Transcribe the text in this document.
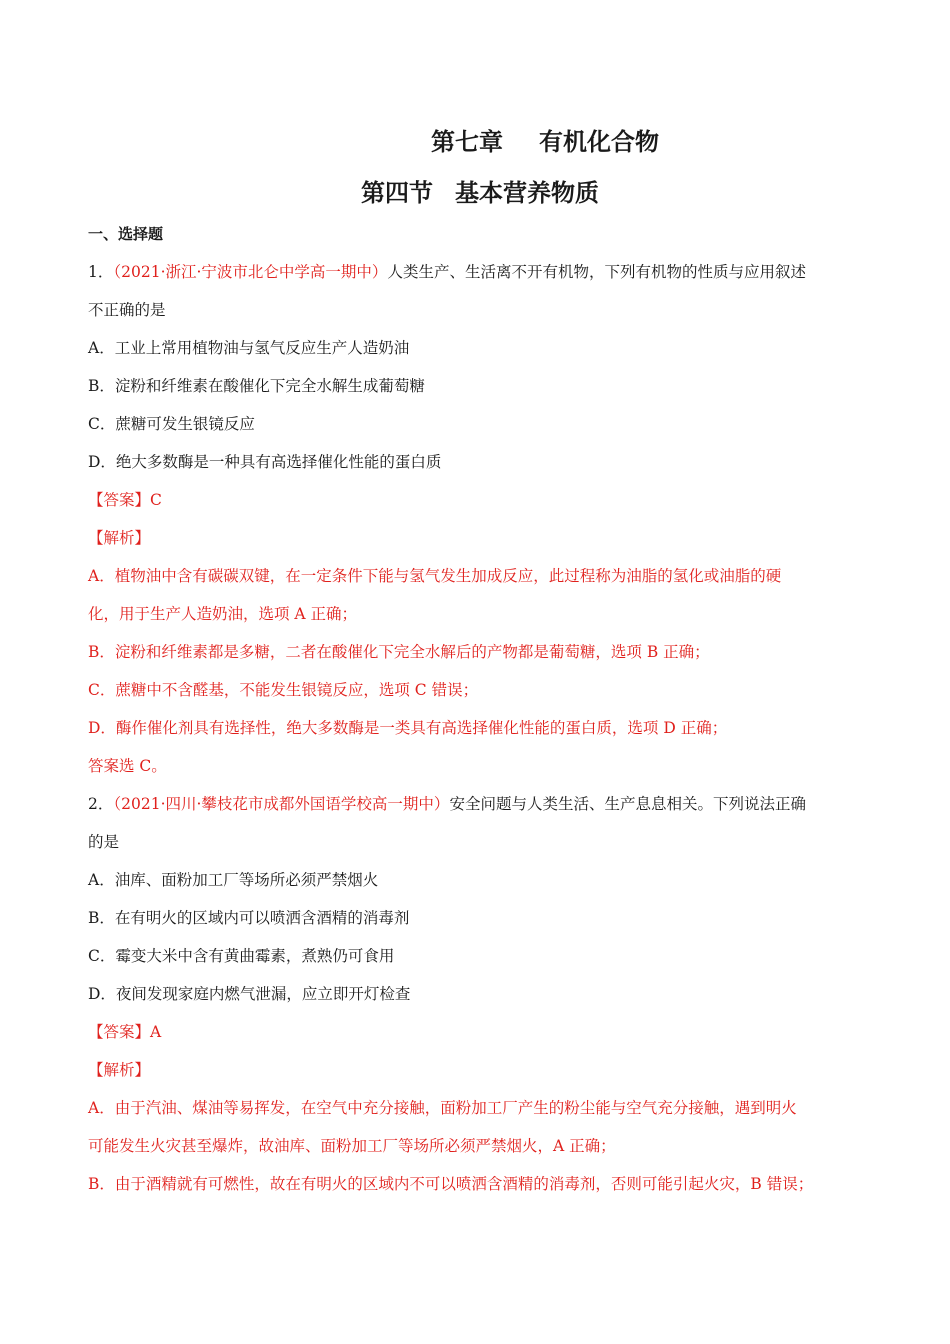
第七章 有机化合物
第四节 基本营养物质
一、选择题
1．（2021·浙江·宁波市北仑中学高一期中）人类生产、生活离不开有机物，下列有机物的性质与应用叙述
不正确的是
A．工业上常用植物油与氢气反应生产人造奶油
B．淀粉和纤维素在酸催化下完全水解生成葡萄糖
C．蔗糖可发生银镜反应
D．绝大多数酶是一种具有高选择催化性能的蛋白质
【答案】C
【解析】
A．植物油中含有碳碳双键，在一定条件下能与氢气发生加成反应，此过程称为油脂的氢化或油脂的硬
化，用于生产人造奶油，选项 A 正确；
B．淀粉和纤维素都是多糖，二者在酸催化下完全水解后的产物都是葡萄糖，选项 B 正确；
C．蔗糖中不含醛基，不能发生银镜反应，选项 C 错误；
D．酶作催化剂具有选择性，绝大多数酶是一类具有高选择催化性能的蛋白质，选项 D 正确；
答案选 C。
2．（2021·四川·攀枝花市成都外国语学校高一期中）安全问题与人类生活、生产息息相关。下列说法正确
的是
A．油库、面粉加工厂等场所必须严禁烟火
B．在有明火的区域内可以喷洒含酒精的消毒剂
C．霉变大米中含有黄曲霉素，煮熟仍可食用
D．夜间发现家庭内燃气泄漏，应立即开灯检查
【答案】A
【解析】
A．由于汽油、煤油等易挥发，在空气中充分接触，面粉加工厂产生的粉尘能与空气充分接触，遇到明火
可能发生火灾甚至爆炸，故油库、面粉加工厂等场所必须严禁烟火，A 正确；
B．由于酒精就有可燃性，故在有明火的区域内不可以喷洒含酒精的消毒剂，否则可能引起火灾，B 错误；
